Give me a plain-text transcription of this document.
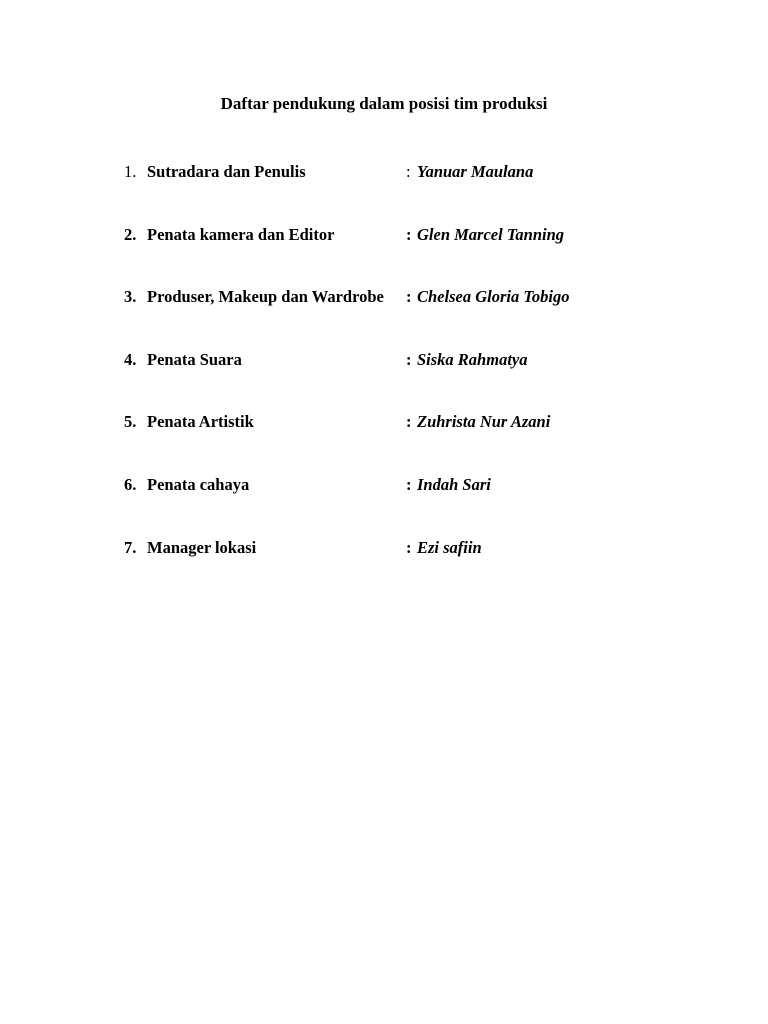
Daftar pendukung dalam posisi tim produksi
1. Sutradara dan Penulis	: Yanuar Maulana
2. Penata kamera dan Editor	: Glen Marcel Tanning
3. Produser, Makeup dan Wardrobe : Chelsea Gloria Tobigo
4. Penata Suara	: Siska Rahmatya
5. Penata Artistik	: Zuhrista Nur Azani
6. Penata cahaya	: Indah Sari
7. Manager lokasi	: Ezi safiin
